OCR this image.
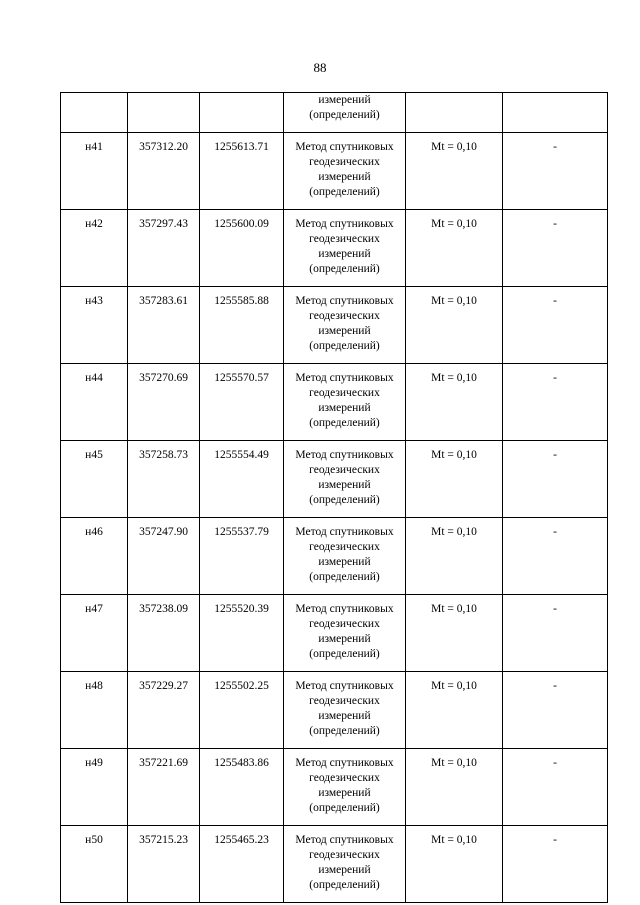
88

			измерений
(определений)		

н41	357312.20	1255613.71	Метод спутниковых
геодезических
измерений
(определений)	Mt = 0,10	-
н42	357297.43	1255600.09	Метод спутниковых
геодезических
измерений
(определений)	Mt = 0,10	-
н43	357283.61	1255585.88	Метод спутниковых
геодезических
измерений
(определений)	Mt = 0,10	-
н44	357270.69	1255570.57	Метод спутниковых
геодезических
измерений
(определений)	Mt = 0,10	-
н45	357258.73	1255554.49	Метод спутниковых
геодезических
измерений
(определений)	Mt = 0,10	-
н46	357247.90	1255537.79	Метод спутниковых
геодезических
измерений
(определений)	Mt = 0,10	-
н47	357238.09	1255520.39	Метод спутниковых
геодезических
измерений
(определений)	Mt = 0,10	-
н48	357229.27	1255502.25	Метод спутниковых
геодезических
измерений
(определений)	Mt = 0,10	-
н49	357221.69	1255483.86	Метод спутниковых
геодезических
измерений
(определений)	Mt = 0,10	-
н50	357215.23	1255465.23	Метод спутниковых
геодезических
измерений
(определений)	Mt = 0,10	-
